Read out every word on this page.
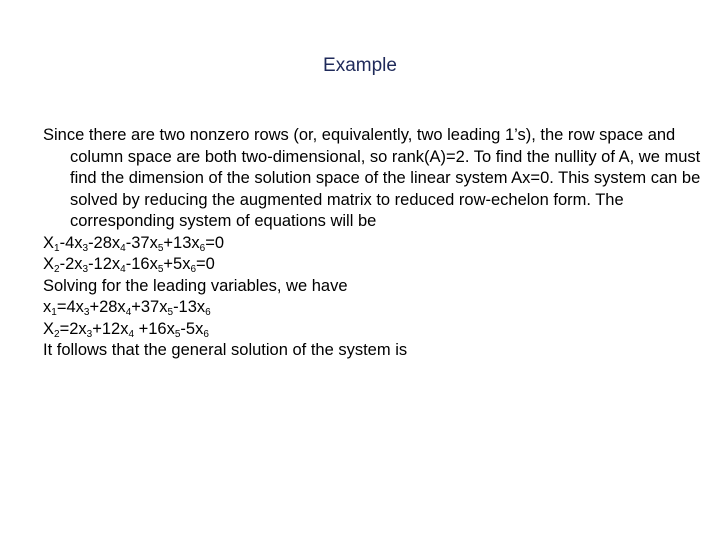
Example
Since there are two nonzero rows (or, equivalently, two leading 1’s), the row space and column space are both two-dimensional, so rank(A)=2. To find the nullity of A, we must find the dimension of the solution space of the linear system Ax=0. This system can be solved by reducing the augmented matrix to reduced row-echelon form. The corresponding system of equations will be
$X_1-4x_3-28x_4-37x_5+13x_6=0$
$X_2-2x_3-12x_4-16x_5+5x_6=0$
Solving for the leading variables, we have
$x_1=4x_3+28x_4+37x_5-13x_6$
$X_2=2x_3+12x_4 +16x_5-5x_6$
It follows that the general solution of the system is
